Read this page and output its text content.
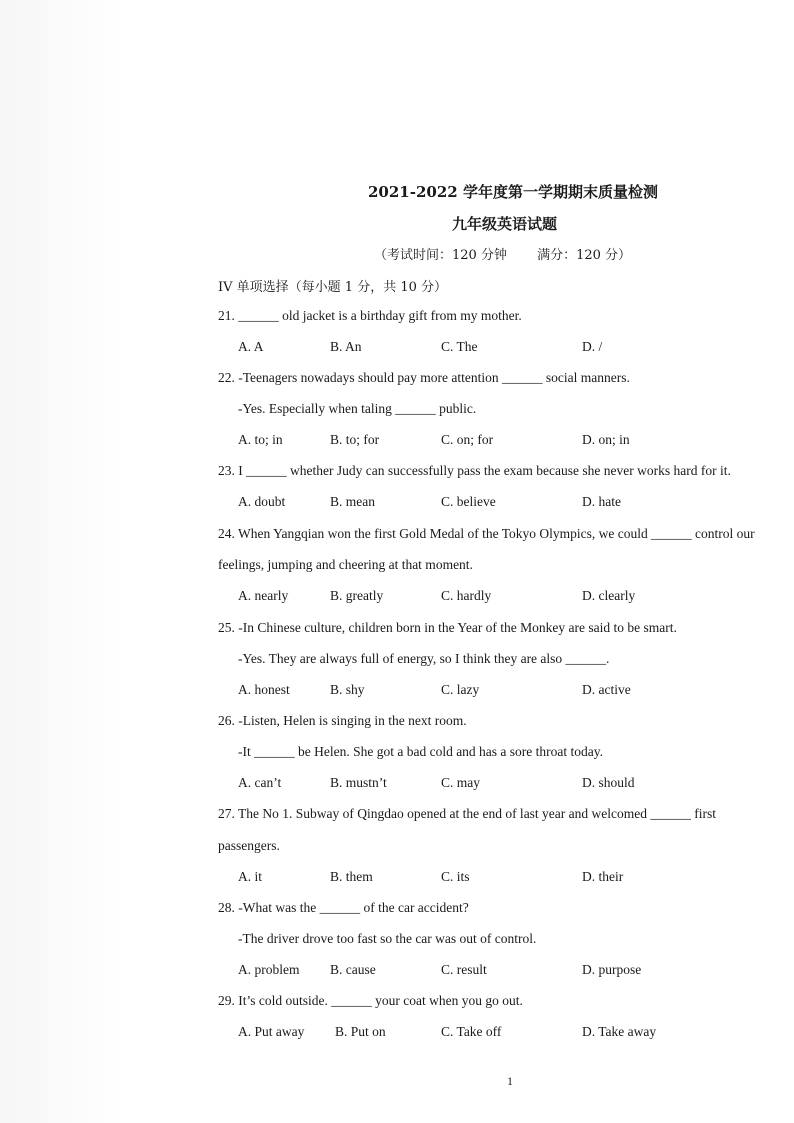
2021-2022 学年度第一学期期末质量检测
九年级英语试题
（考试时间：120 分钟　　 满分：120 分）
IV 单项选择（每小题 1 分，共 10 分）
21. ______ old jacket is a birthday gift from my mother.
A. A	B. An	C. The	D. /
22. -Teenagers nowadays should pay more attention ______ social manners.
-Yes. Especially when taling ______ public.
A. to; in	B. to; for	C. on; for	D. on; in
23. I ______ whether Judy can successfully pass the exam because she never works hard for it.
A. doubt	B. mean	C. believe	D. hate
24. When Yangqian won the first Gold Medal of the Tokyo Olympics, we could ______ control our
feelings, jumping and cheering at that moment.
A. nearly	B. greatly	C. hardly	D. clearly
25. -In Chinese culture, children born in the Year of the Monkey are said to be smart.
-Yes. They are always full of energy, so I think they are also ______.
A. honest	B. shy	C. lazy	D. active
26. -Listen, Helen is singing in the next room.
-It ______ be Helen. She got a bad cold and has a sore throat today.
A. can’t	B. mustn’t	C. may	D. should
27. The No 1. Subway of Qingdao opened at the end of last year and welcomed ______ first
passengers.
A. it	B. them	C. its	D. their
28. -What was the ______ of the car accident?
-The driver drove too fast so the car was out of control.
A. problem B. cause	C. result	D. purpose
29. It’s cold outside. ______ your coat when you go out.
A. Put away B. Put on	C. Take off	D. Take away
1
